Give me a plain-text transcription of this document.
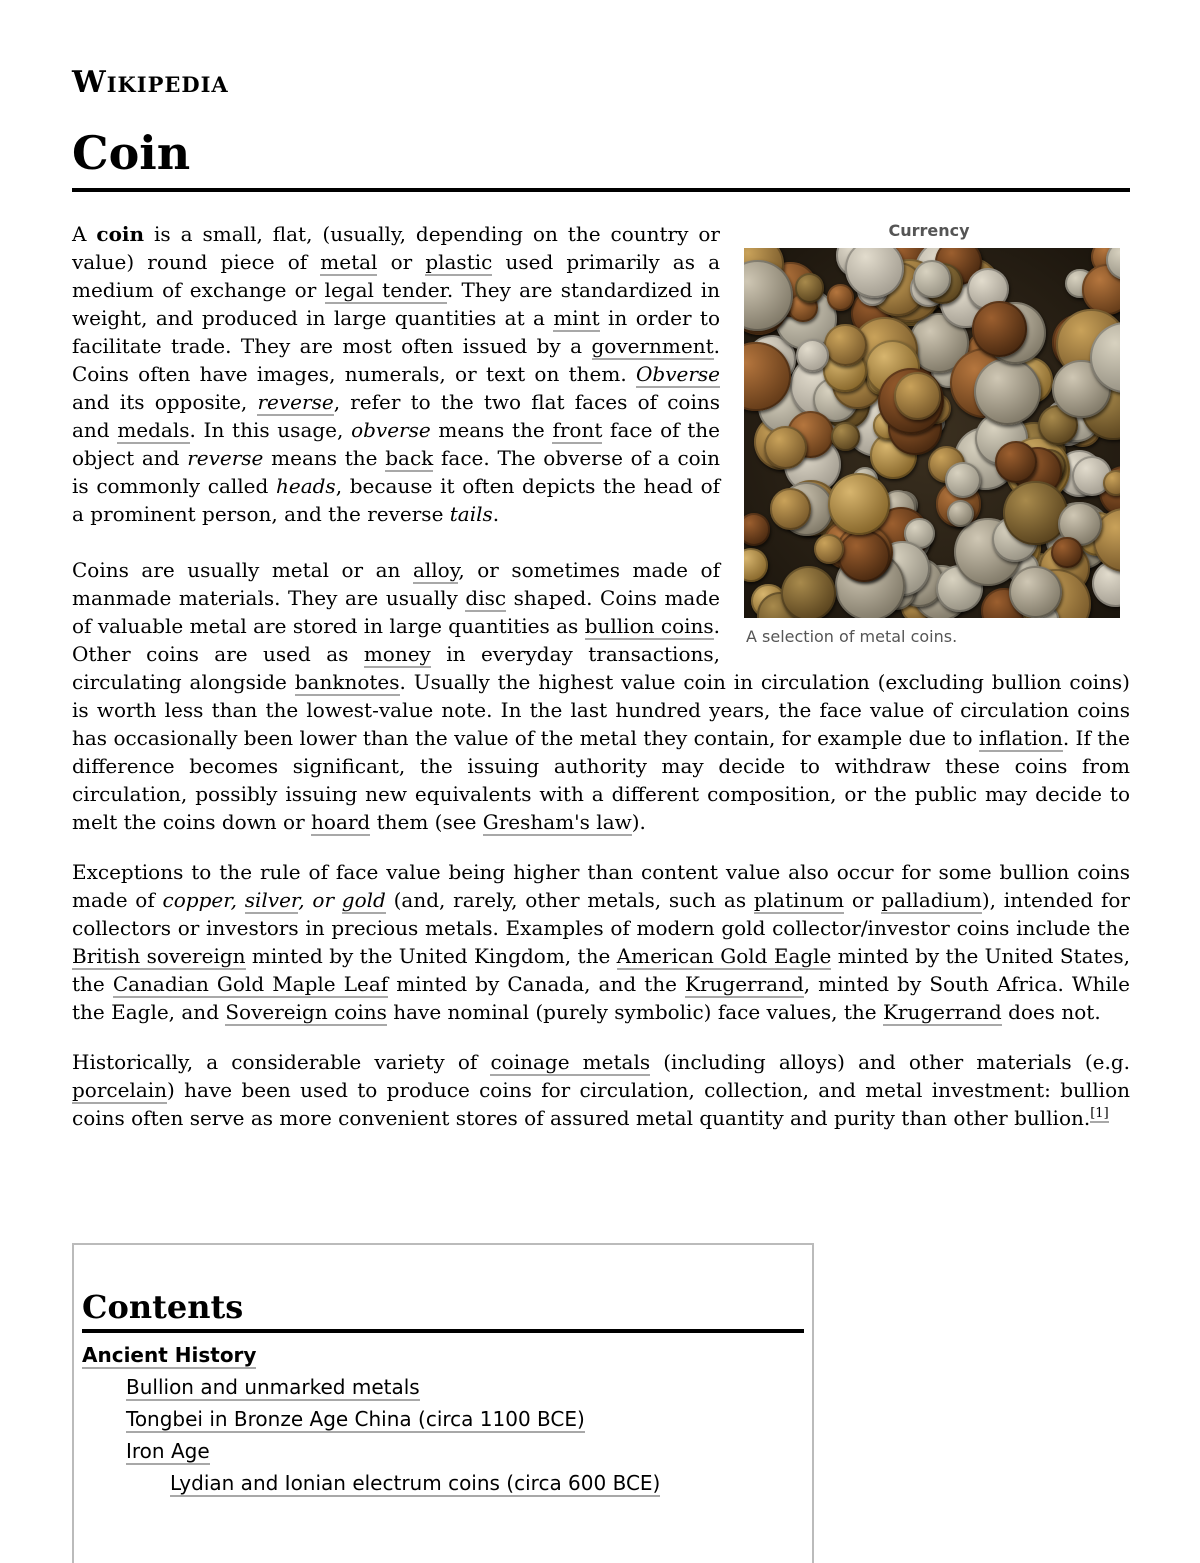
Wikipedia
Coin
Currency
A selection of metal coins.

A coin is a small, flat, (usually, depending on the country or value) round piece of metal or plastic used primarily as a medium of exchange or legal tender. They are standardized in weight, and produced in large quantities at a mint in order to facilitate trade. They are most often issued by a government. Coins often have images, numerals, or text on them. Obverse and its opposite, reverse, refer to the two flat faces of coins and medals. In this usage, obverse means the front face of the object and reverse means the back face. The obverse of a coin is commonly called heads, because it often depicts the head of a prominent person, and the reverse tails.

Coins are usually metal or an alloy, or sometimes made of manmade materials. They are usually disc shaped. Coins made of valuable metal are stored in large quantities as bullion coins. Other coins are used as money in everyday transactions, circulating alongside banknotes. Usually the highest value coin in circulation (excluding bullion coins) is worth less than the lowest-value note. In the last hundred years, the face value of circulation coins has occasionally been lower than the value of the metal they contain, for example due to inflation. If the difference becomes significant, the issuing authority may decide to withdraw these coins from circulation, possibly issuing new equivalents with a different composition, or the public may decide to melt the coins down or hoard them (see Gresham's law).

Exceptions to the rule of face value being higher than content value also occur for some bullion coins made of copper, silver, or gold (and, rarely, other metals, such as platinum or palladium), intended for collectors or investors in precious metals. Examples of modern gold collector/investor coins include the British sovereign minted by the United Kingdom, the American Gold Eagle minted by the United States, the Canadian Gold Maple Leaf minted by Canada, and the Krugerrand, minted by South Africa. While the Eagle, and Sovereign coins have nominal (purely symbolic) face values, the Krugerrand does not.

Historically, a considerable variety of coinage metals (including alloys) and other materials (e.g. porcelain) have been used to produce coins for circulation, collection, and metal investment: bullion coins often serve as more convenient stores of assured metal quantity and purity than other bullion.[1]

Contents
Ancient History
Bullion and unmarked metals
Tongbei in Bronze Age China (circa 1100 BCE)
Iron Age
Lydian and Ionian electrum coins (circa 600 BCE)
